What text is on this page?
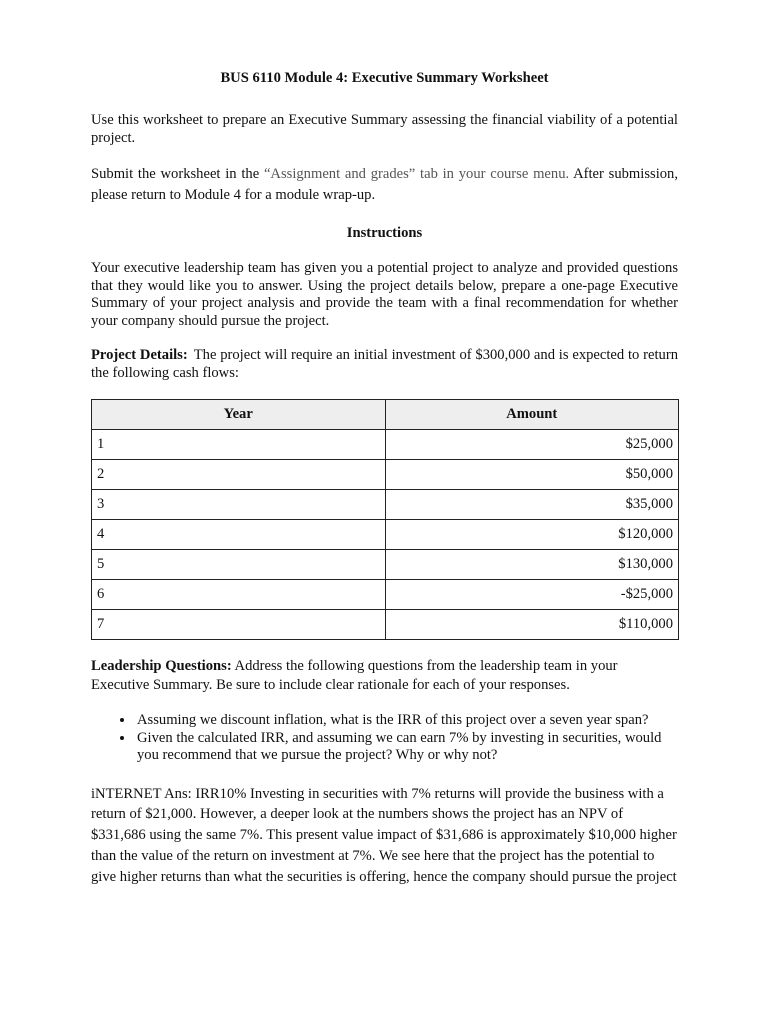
BUS 6110 Module 4: Executive Summary Worksheet

Use this worksheet to prepare an Executive Summary assessing the financial viability of a potential project.

Submit the worksheet in the “Assignment and grades” tab in your course menu. After submission, please return to Module 4 for a module wrap-up.

Instructions

Your executive leadership team has given you a potential project to analyze and provided questions that they would like you to answer. Using the project details below, prepare a one-page Executive Summary of your project analysis and provide the team with a final recommendation for whether your company should pursue the project.

Project Details: The project will require an initial investment of $300,000 and is expected to return the following cash flows:

Year	Amount
1	$25,000
2	$50,000
3	$35,000
4	$120,000
5	$130,000
6	-$25,000
7	$110,000

Leadership Questions: Address the following questions from the leadership team in your Executive Summary. Be sure to include clear rationale for each of your responses.

• Assuming we discount inflation, what is the IRR of this project over a seven year span?
• Given the calculated IRR, and assuming we can earn 7% by investing in securities, would you recommend that we pursue the project? Why or why not?

iNTERNET Ans: IRR10% Investing in securities with 7% returns will provide the business with a return of $21,000. However, a deeper look at the numbers shows the project has an NPV of $331,686 using the same 7%. This present value impact of $31,686 is approximately $10,000 higher than the value of the return on investment at 7%. We see here that the project has the potential to give higher returns than what the securities is offering, hence the company should pursue the project
